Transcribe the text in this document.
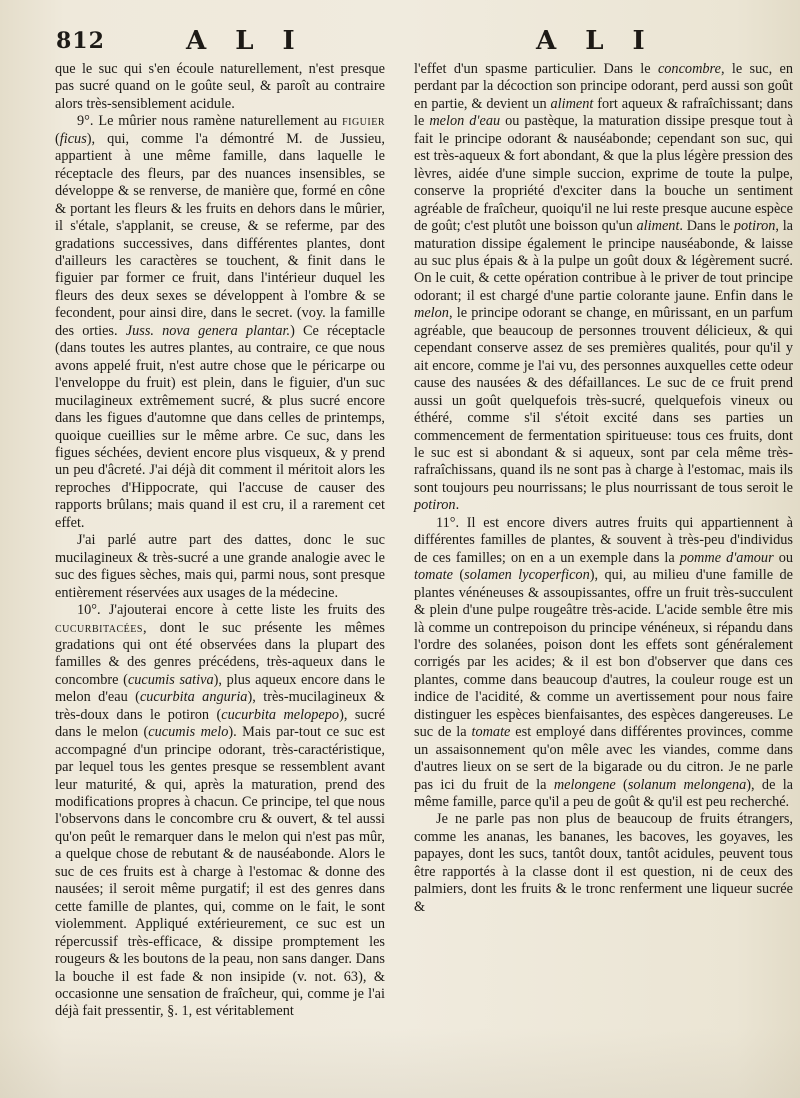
812	A L I	A L I

que le suc qui s'en écoule naturellement, n'est presque pas sucré quand on le goûte seul, & paroît au contraire alors très-sensiblement acidule.

9°. Le mûrier nous ramène naturellement au figuier (ficus), qui, comme l'a démontré M. de Jussieu, appartient à une même famille, dans laquelle le réceptacle des fleurs, par des nuances insensibles, se développe & se renverse, de manière que, formé en cône & portant les fleurs & les fruits en dehors dans le mûrier, il s'étale, s'applanit, se creuse, & se referme, par des gradations successives, dans différentes plantes, dont d'ailleurs les caractères se touchent, & finit dans le figuier par former ce fruit, dans l'intérieur duquel les fleurs des deux sexes se développent à l'ombre & se fecondent, pour ainsi dire, dans le secret. (voy. la famille des orties. Juss. nova genera plantar.) Ce réceptacle (dans toutes les autres plantes, au contraire, ce que nous avons appelé fruit, n'est autre chose que le péricarpe ou l'enveloppe du fruit) est plein, dans le figuier, d'un suc mucilagineux extrêmement sucré, & plus sucré encore dans les figues d'automne que dans celles de printemps, quoique cueillies sur le même arbre. Ce suc, dans les figues séchées, devient encore plus visqueux, & y prend un peu d'âcreté. J'ai déjà dit comment il méritoit alors les reproches d'Hippocrate, qui l'accuse de causer des rapports brûlans; mais quand il est cru, il a rarement cet effet.

J'ai parlé autre part des dattes, donc le suc mucilagineux & très-sucré a une grande analogie avec le suc des figues sèches, mais qui, parmi nous, sont presque entièrement réservées aux usages de la médecine.

10°. J'ajouterai encore à cette liste les fruits des cucurbitacées, dont le suc présente les mêmes gradations qui ont été observées dans la plupart des familles & des genres précédens, très-aqueux dans le concombre (cucumis sativa), plus aqueux encore dans le melon d'eau (cucurbita anguria), très-mucilagineux & très-doux dans le potiron (cucurbita melopepo), sucré dans le melon (cucumis melo). Mais par-tout ce suc est accompagné d'un principe odorant, très-caractéristique, par lequel tous les gentes presque se ressemblent avant leur maturité, & qui, après la maturation, prend des modifications propres à chacun. Ce principe, tel que nous l'observons dans le concombre cru & ouvert, & tel aussi qu'on peût le remarquer dans le melon qui n'est pas mûr, a quelque chose de rebutant & de nauséabonde. Alors le suc de ces fruits est à charge à l'estomac & donne des nausées; il seroit même purgatif; il est des genres dans cette famille de plantes, qui, comme on le fait, le sont violemment. Appliqué extérieurement, ce suc est un répercussif très-efficace, & dissipe promptement les rougeurs & les boutons de la peau, non sans danger. Dans la bouche il est fade & non insipide (v. not. 63), & occasionne une sensation de fraîcheur, qui, comme je l'ai déjà fait pressentir, §. 1, est véritablement

l'effet d'un spasme particulier. Dans le concombre, le suc, en perdant par la décoction son principe odorant, perd aussi son goût en partie, & devient un aliment fort aqueux & rafraîchissant; dans le melon d'eau ou pastèque, la maturation dissipe presque tout à fait le principe odorant & nauséabonde; cependant son suc, qui est très-aqueux & fort abondant, & que la plus légère pression des lèvres, aidée d'une simple succion, exprime de toute la pulpe, conserve la propriété d'exciter dans la bouche un sentiment agréable de fraîcheur, quoiqu'il ne lui reste presque aucune espèce de goût; c'est plutôt une boisson qu'un aliment. Dans le potiron, la maturation dissipe également le principe nauséabonde, & laisse au suc plus épais & à la pulpe un goût doux & légèrement sucré. On le cuit, & cette opération contribue à le priver de tout principe odorant; il est chargé d'une partie colorante jaune. Enfin dans le melon, le principe odorant se change, en mûrissant, en un parfum agréable, que beaucoup de personnes trouvent délicieux, & qui cependant conserve assez de ses premières qualités, pour qu'il y ait encore, comme je l'ai vu, des personnes auxquelles cette odeur cause des nausées & des défaillances. Le suc de ce fruit prend aussi un goût quelquefois très-sucré, quelquefois vineux ou éthéré, comme s'il s'étoit excité dans ses parties un commencement de fermentation spiritueuse: tous ces fruits, dont le suc est si abondant & si aqueux, sont par cela même très-rafraîchissans, quand ils ne sont pas à charge à l'estomac, mais ils sont toujours peu nourrissans; le plus nourrissant de tous seroit le potiron.

11°. Il est encore divers autres fruits qui appartiennent à différentes familles de plantes, & souvent à très-peu d'individus de ces familles; on en a un exemple dans la pomme d'amour ou tomate (solamen lycoperficon), qui, au milieu d'une famille de plantes vénéneuses & assoupissantes, offre un fruit très-succulent & plein d'une pulpe rougeâtre très-acide. L'acide semble être mis là comme un contrepoison du principe vénéneux, si répandu dans l'ordre des solanées, poison dont les effets sont généralement corrigés par les acides; & il est bon d'observer que dans ces plantes, comme dans beaucoup d'autres, la couleur rouge est un indice de l'acidité, & comme un avertissement pour nous faire distinguer les espèces bienfaisantes, des espèces dangereuses. Le suc de la tomate est employé dans différentes provinces, comme un assaisonnement qu'on mêle avec les viandes, comme dans d'autres lieux on se sert de la bigarade ou du citron. Je ne parle pas ici du fruit de la melongene (solanum melongena), de la même famille, parce qu'il a peu de goût & qu'il est peu recherché.

Je ne parle pas non plus de beaucoup de fruits étrangers, comme les ananas, les bananes, les bacoves, les goyaves, les papayes, dont les sucs, tantôt doux, tantôt acidules, peuvent tous être rapportés à la classe dont il est question, ni de ceux des palmiers, dont les fruits & le tronc renferment une liqueur sucrée &
